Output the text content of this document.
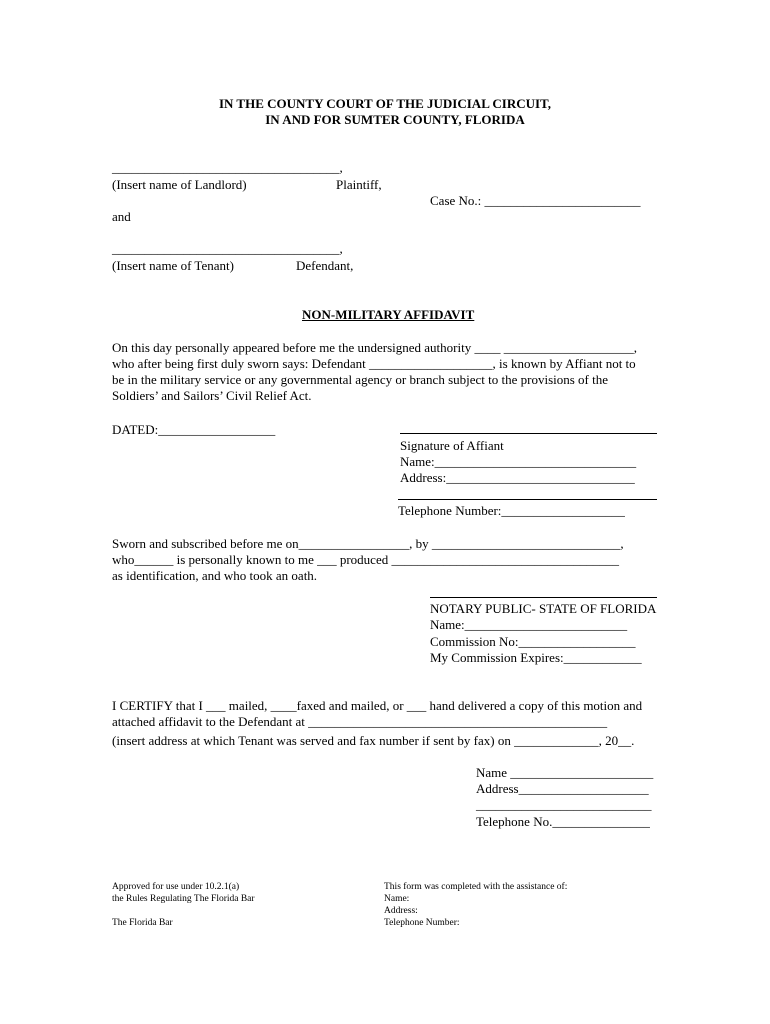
IN THE COUNTY COURT OF THE JUDICIAL CIRCUIT,
IN AND FOR SUMTER COUNTY, FLORIDA
___________________________________,
(Insert name of Landlord)	Plaintiff,
Case No.: ________________________
and
___________________________________,
(Insert name of Tenant)	Defendant,
NON-MILITARY AFFIDAVIT
On this day personally appeared before me the undersigned authority ____ ____________________,
who after being first duly sworn says: Defendant ___________________, is known by Affiant not to
be in the military service or any governmental agency or branch subject to the provisions of the
Soldiers’ and Sailors’ Civil Relief Act.
DATED:__________________
Signature of Affiant
Name:_______________________________
Address:_____________________________
Telephone Number:___________________
Sworn and subscribed before me on_________________, by _____________________________,
who______ is personally known to me ___ produced ___________________________________
as identification, and who took an oath.
NOTARY PUBLIC- STATE OF FLORIDA
Name:_________________________
Commission No:__________________
My Commission Expires:____________
I CERTIFY that I ___ mailed, ____faxed and mailed, or ___ hand delivered a copy of this motion and
attached affidavit to the Defendant at ______________________________________________
(insert address at which Tenant was served and fax number if sent by fax) on _____________, 20__.
Name ______________________
Address____________________
___________________________
Telephone No._______________
Approved for use under 10.2.1(a)
the Rules Regulating The Florida Bar
The Florida Bar
This form was completed with the assistance of:
Name:
Address:
Telephone Number:
